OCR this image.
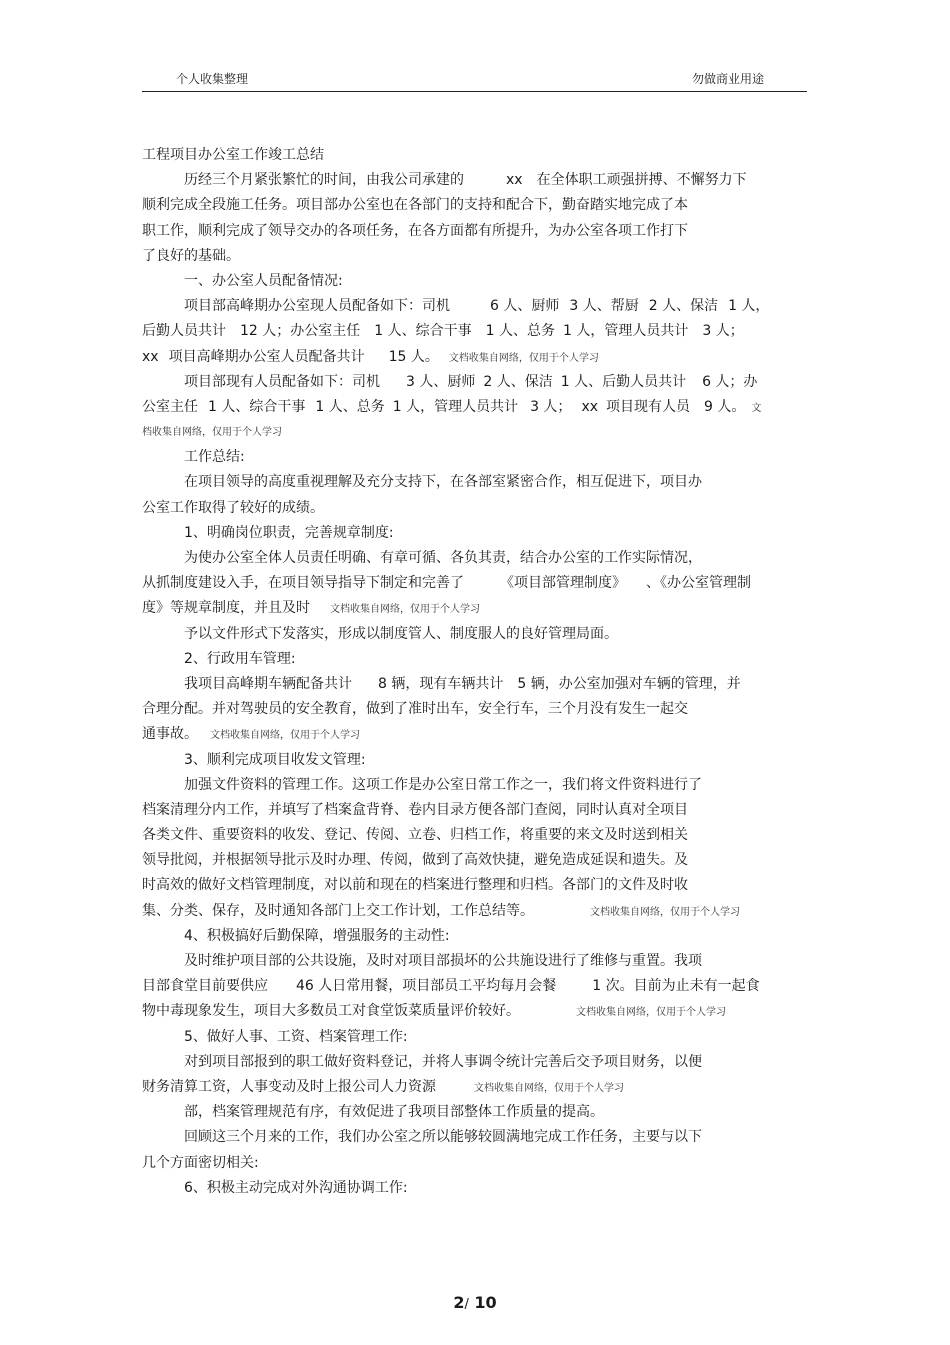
个人收集整理	勿做商业用途
工程项目办公室工作竣工总结
历经三个月紧张繁忙的时间，由我公司承建的	xx 在全体职工顽强拼搏、不懈努力下
顺利完成全段施工任务。项目部办公室也在各部门的支持和配合下，勤奋踏实地完成了本
职工作，顺利完成了领导交办的各项任务，在各方面都有所提升，为办公室各项工作打下
了良好的基础。
一、办公室人员配备情况:
项目部高峰期办公室现人员配备如下：司机	6 人、厨师 3 人、帮厨 2 人、保洁 1 人，
后勤人员共计 12 人；办公室主任 1 人、综合干事 1 人、总务 1 人，管理人员共计 3 人；
xx 项目高峰期办公室人员配备共计 15 人。 文档收集自网络，仅用于个人学习
项目部现有人员配备如下：司机 3 人、厨师 2 人、保洁 1 人、后勤人员共计 6 人；办
公室主任 1 人、综合干事 1 人、总务 1 人，管理人员共计 3 人； xx 项目现有人员 9 人。 文
档收集自网络，仅用于个人学习
工作总结:
在项目领导的高度重视理解及充分支持下，在各部室紧密合作，相互促进下，项目办
公室工作取得了较好的成绩。
1、明确岗位职责，完善规章制度:
为使办公室全体人员责任明确、有章可循、各负其责，结合办公室的工作实际情况，
从抓制度建设入手，在项目领导指导下制定和完善了	《项目部管理制度》 、《办公室管理制
度》等规章制度，并且及时 文档收集自网络，仅用于个人学习
予以文件形式下发落实，形成以制度管人、制度服人的良好管理局面。
2、行政用车管理:
我项目高峰期车辆配备共计 8 辆，现有车辆共计 5 辆，办公室加强对车辆的管理，并
合理分配。并对驾驶员的安全教育，做到了准时出车，安全行车，三个月没有发生一起交
通事故。 文档收集自网络，仅用于个人学习
3、顺利完成项目收发文管理:
加强文件资料的管理工作。这项工作是办公室日常工作之一，我们将文件资料进行了
档案清理分内工作，并填写了档案盒背脊、卷内目录方便各部门查阅，同时认真对全项目
各类文件、重要资料的收发、登记、传阅、立卷、归档工作，将重要的来文及时送到相关
领导批阅，并根据领导批示及时办理、传阅，做到了高效快捷，避免造成延误和遗失。及
时高效的做好文档管理制度，对以前和现在的档案进行整理和归档。各部门的文件及时收
集、分类、保存，及时通知各部门上交工作计划，工作总结等。	文档收集自网络，仅用于个人学习
4、积极搞好后勤保障，增强服务的主动性:
及时维护项目部的公共设施，及时对项目部损坏的公共施设进行了维修与重置。我项
目部食堂目前要供应 46 人日常用餐，项目部员工平均每月会餐	1 次。目前为止未有一起食
物中毒现象发生，项目大多数员工对食堂饭菜质量评价较好。	文档收集自网络，仅用于个人学习
5、做好人事、工资、档案管理工作:
对到项目部报到的职工做好资料登记，并将人事调令统计完善后交予项目财务，以便
财务清算工资，人事变动及时上报公司人力资源	文档收集自网络，仅用于个人学习
部，档案管理规范有序，有效促进了我项目部整体工作质量的提高。
回顾这三个月来的工作，我们办公室之所以能够较圆满地完成工作任务，主要与以下
几个方面密切相关:
6、积极主动完成对外沟通协调工作:
2/ 10
